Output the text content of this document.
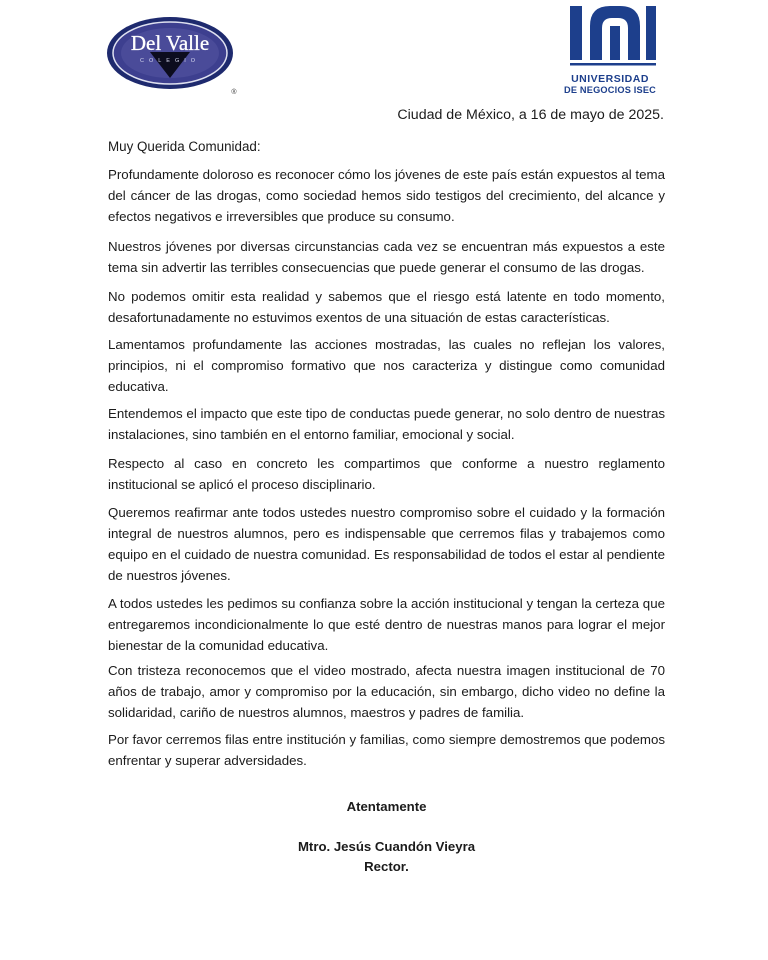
Del Valle
COLEGIO
®
UNIVERSIDAD
DE NEGOCIOS ISEC
Ciudad de México, a 16 de mayo de 2025.
Muy Querida Comunidad:

Profundamente doloroso es reconocer cómo los jóvenes de este país están expuestos al tema del cáncer de las drogas, como sociedad hemos sido testigos del crecimiento, del alcance y efectos negativos e irreversibles que produce su consumo.

Nuestros jóvenes por diversas circunstancias cada vez se encuentran más expuestos a este tema sin advertir las terribles consecuencias que puede generar el consumo de las drogas.

No podemos omitir esta realidad y sabemos que el riesgo está latente en todo momento, desafortunadamente no estuvimos exentos de una situación de estas características.

Lamentamos profundamente las acciones mostradas, las cuales no reflejan los valores, principios, ni el compromiso formativo que nos caracteriza y distingue como comunidad educativa.

Entendemos el impacto que este tipo de conductas puede generar, no solo dentro de nuestras instalaciones, sino también en el entorno familiar, emocional y social.

Respecto al caso en concreto les compartimos que conforme a nuestro reglamento institucional se aplicó el proceso disciplinario.

Queremos reafirmar ante todos ustedes nuestro compromiso sobre el cuidado y la formación integral de nuestros alumnos, pero es indispensable que cerremos filas y trabajemos como equipo en el cuidado de nuestra comunidad. Es responsabilidad de todos el estar al pendiente de nuestros jóvenes.

A todos ustedes les pedimos su confianza sobre la acción institucional y tengan la certeza que entregaremos incondicionalmente lo que esté dentro de nuestras manos para lograr el mejor bienestar de la comunidad educativa.

Con tristeza reconocemos que el video mostrado, afecta nuestra imagen institucional de 70 años de trabajo, amor y compromiso por la educación, sin embargo, dicho video no define la solidaridad, cariño de nuestros alumnos, maestros y padres de familia.

Por favor cerremos filas entre institución y familias, como siempre demostremos que podemos enfrentar y superar adversidades.

Atentamente
Mtro. Jesús Cuandón Vieyra
Rector.
